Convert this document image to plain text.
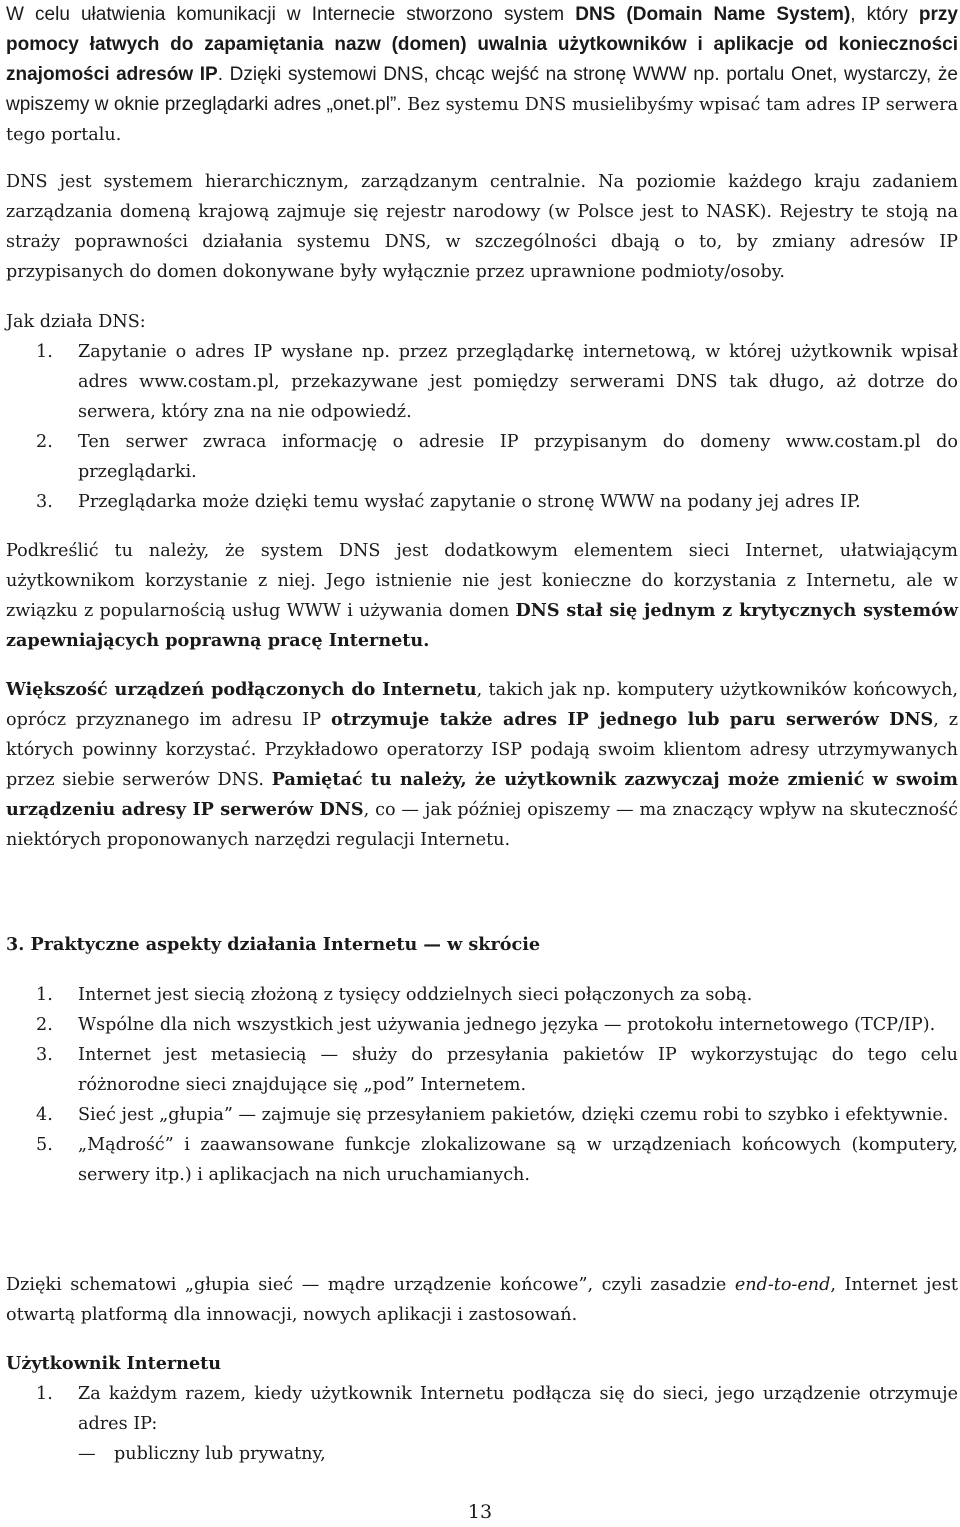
W celu ułatwienia komunikacji w Internecie stworzono system DNS (Domain Name System), który przy pomocy łatwych do zapamiętania nazw (domen) uwalnia użytkowników i aplikacje od konieczności znajomości adresów IP. Dzięki systemowi DNS, chcąc wejść na stronę WWW np. portalu Onet, wystarczy, że wpiszemy w oknie przeglądarki adres „onet.pl”. Bez systemu DNS musielibyśmy wpisać tam adres IP serwera tego portalu.

DNS jest systemem hierarchicznym, zarządzanym centralnie. Na poziomie każdego kraju zadaniem zarządzania domeną krajową zajmuje się rejestr narodowy (w Polsce jest to NASK). Rejestry te stoją na straży poprawności działania systemu DNS, w szczególności dbają o to, by zmiany adresów IP przypisanych do domen dokonywane były wyłącznie przez uprawnione podmioty/osoby.

Jak działa DNS:
1. Zapytanie o adres IP wysłane np. przez przeglądarkę internetową, w której użytkownik wpisał adres www.costam.pl, przekazywane jest pomiędzy serwerami DNS tak długo, aż dotrze do serwera, który zna na nie odpowiedź.
2. Ten serwer zwraca informację o adresie IP przypisanym do domeny www.costam.pl do przeglądarki.
3. Przeglądarka może dzięki temu wysłać zapytanie o stronę WWW na podany jej adres IP.

Podkreślić tu należy, że system DNS jest dodatkowym elementem sieci Internet, ułatwiającym użytkownikom korzystanie z niej. Jego istnienie nie jest konieczne do korzystania z Internetu, ale w związku z popularnością usług WWW i używania domen DNS stał się jednym z krytycznych systemów zapewniających poprawną pracę Internetu.

Większość urządzeń podłączonych do Internetu, takich jak np. komputery użytkowników końcowych, oprócz przyznanego im adresu IP otrzymuje także adres IP jednego lub paru serwerów DNS, z których powinny korzystać. Przykładowo operatorzy ISP podają swoim klientom adresy utrzymywanych przez siebie serwerów DNS. Pamiętać tu należy, że użytkownik zazwyczaj może zmienić w swoim urządzeniu adresy IP serwerów DNS, co — jak później opiszemy — ma znaczący wpływ na skuteczność niektórych proponowanych narzędzi regulacji Internetu.

3. Praktyczne aspekty działania Internetu — w skrócie
1. Internet jest siecią złożoną z tysięcy oddzielnych sieci połączonych za sobą.
2. Wspólne dla nich wszystkich jest używania jednego języka — protokołu internetowego (TCP/IP).
3. Internet jest metasiecią — służy do przesyłania pakietów IP wykorzystując do tego celu różnorodne sieci znajdujące się „pod” Internetem.
4. Sieć jest „głupia” — zajmuje się przesyłaniem pakietów, dzięki czemu robi to szybko i efektywnie.
5. „Mądrość” i zaawansowane funkcje zlokalizowane są w urządzeniach końcowych (komputery, serwery itp.) i aplikacjach na nich uruchamianych.

Dzięki schematowi „głupia sieć — mądre urządzenie końcowe”, czyli zasadzie end-to-end, Internet jest otwartą platformą dla innowacji, nowych aplikacji i zastosowań.

Użytkownik Internetu
1. Za każdym razem, kiedy użytkownik Internetu podłącza się do sieci, jego urządzenie otrzymuje adres IP:
— publiczny lub prywatny,
13
